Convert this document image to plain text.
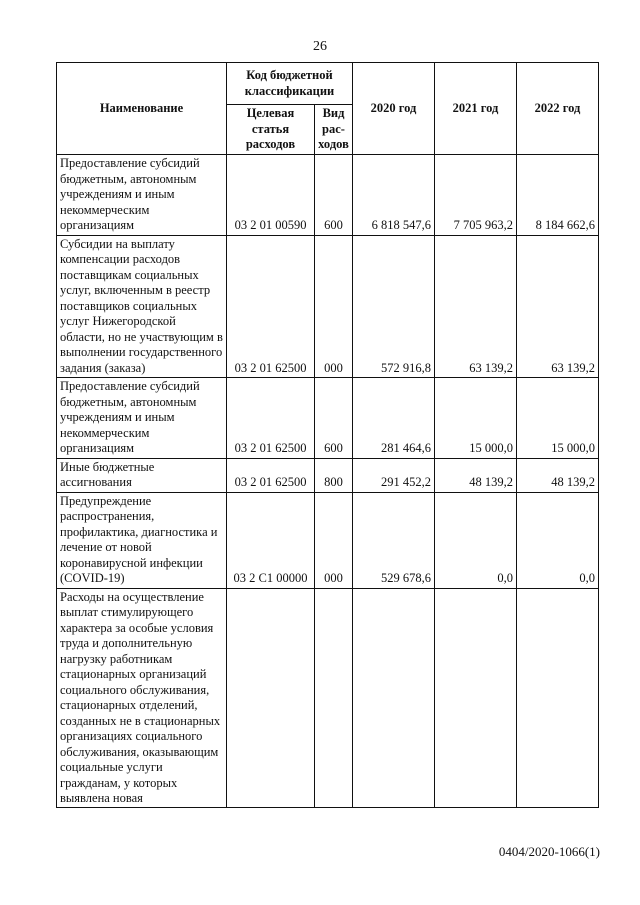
26
Наименование	Код бюджетной классификации		2020 год	2021 год	2022 год
	Целевая статья расходов	Вид рас-ходов			
Предоставление субсидий бюджетным, автономным учреждениям и иным некоммерческим организациям	03 2 01 00590	600	6 818 547,6	7 705 963,2	8 184 662,6
Субсидии на выплату компенсации расходов поставщикам социальных услуг, включенным в реестр поставщиков социальных услуг Нижегородской области, но не участвующим в выполнении государственного задания (заказа)	03 2 01 62500	000	572 916,8	63 139,2	63 139,2
Предоставление субсидий бюджетным, автономным учреждениям и иным некоммерческим организациям	03 2 01 62500	600	281 464,6	15 000,0	15 000,0
Иные бюджетные ассигнования	03 2 01 62500	800	291 452,2	48 139,2	48 139,2
Предупреждение распространения, профилактика, диагностика и лечение от новой коронавирусной инфекции (COVID-19)	03 2 C1 00000	000	529 678,6	0,0	0,0
Расходы на осуществление выплат стимулирующего характера за особые условия труда и дополнительную нагрузку работникам стационарных организаций социального обслуживания, стационарных отделений, созданных не в стационарных организациях социального обслуживания, оказывающим социальные услуги гражданам, у которых выявлена новая					
0404/2020-1066(1)
